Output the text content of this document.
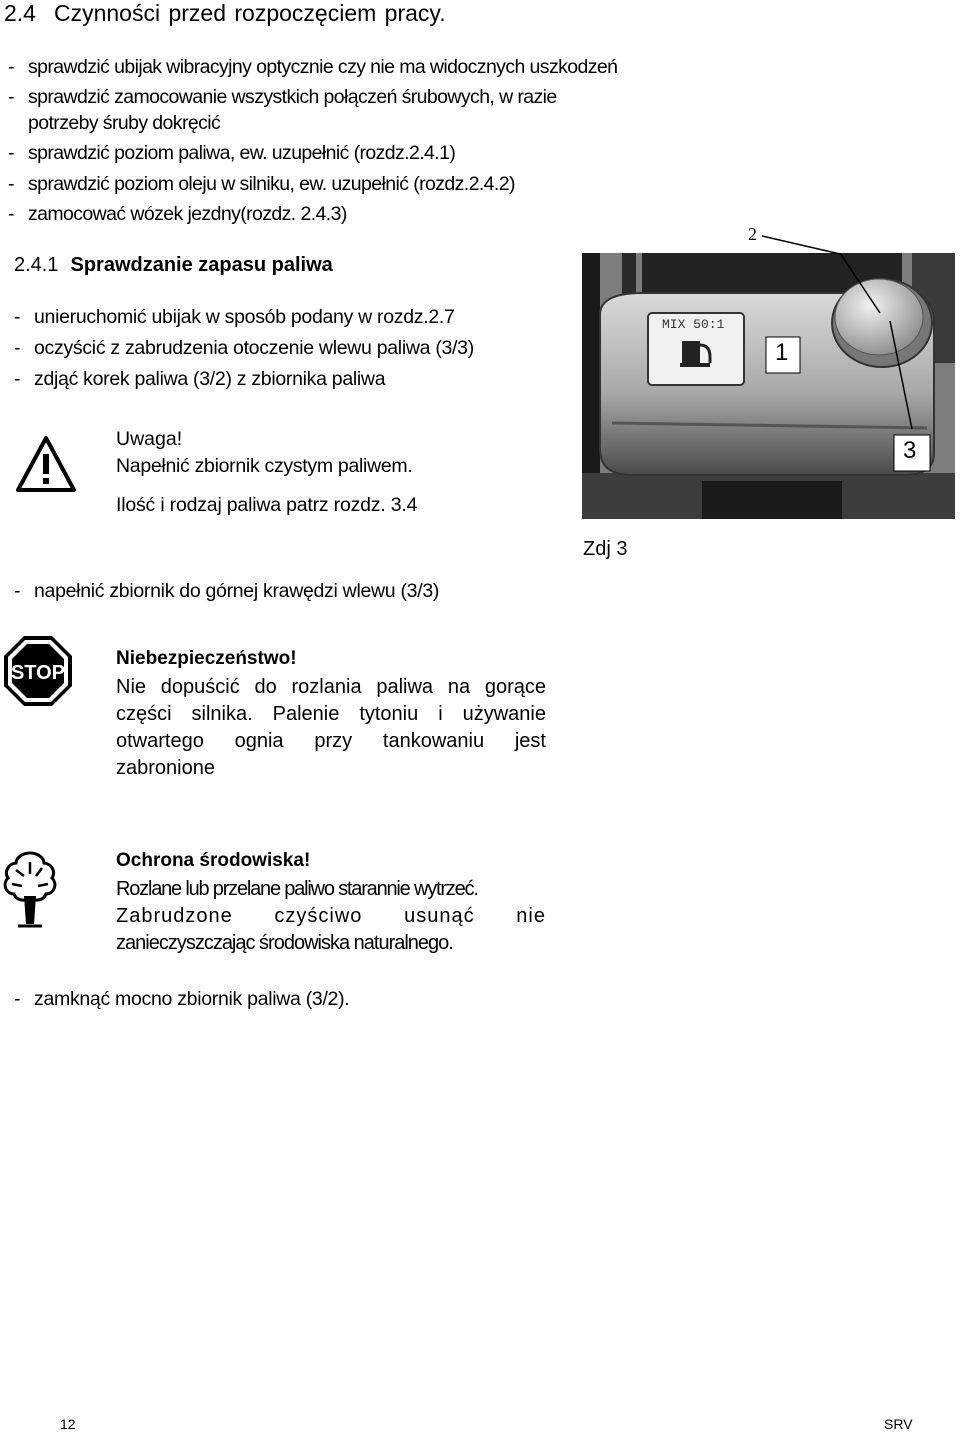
2.4 Czynności przed rozpoczęciem pracy.
- sprawdzić ubijak wibracyjny optycznie czy nie ma widocznych uszkodzeń
- sprawdzić zamocowanie wszystkich połączeń śrubowych, w razie
potrzeby śruby dokręcić
- sprawdzić poziom paliwa, ew. uzupełnić (rozdz.2.4.1)
- sprawdzić poziom oleju w silniku, ew. uzupełnić (rozdz.2.4.2)
- zamocować wózek jezdny(rozdz. 2.4.3)
2.4.1 Sprawdzanie zapasu paliwa
- unieruchomić ubijak w sposób podany w rozdz.2.7
- oczyścić z zabrudzenia otoczenie wlewu paliwa (3/3)
- zdjąć korek paliwa (3/2) z zbiornika paliwa
MIX 50:1
1
3
2
Zdj 3
Uwaga!
Napełnić zbiornik czystym paliwem.
Ilość i rodzaj paliwa patrz rozdz. 3.4
- napełnić zbiornik do górnej krawędzi wlewu (3/3)
STOP
Niebezpieczeństwo!
Nie dopuścić do rozlania paliwa na gorące
części silnika. Palenie tytoniu i używanie
otwartego ognia przy tankowaniu jest
zabronione
Ochrona środowiska!
Rozlane lub przelane paliwo starannie wytrzeć.
Zabrudzone czyściwo usunąć nie
zanieczyszczając środowiska naturalnego.
- zamknąć mocno zbiornik paliwa (3/2).
12	SRV
